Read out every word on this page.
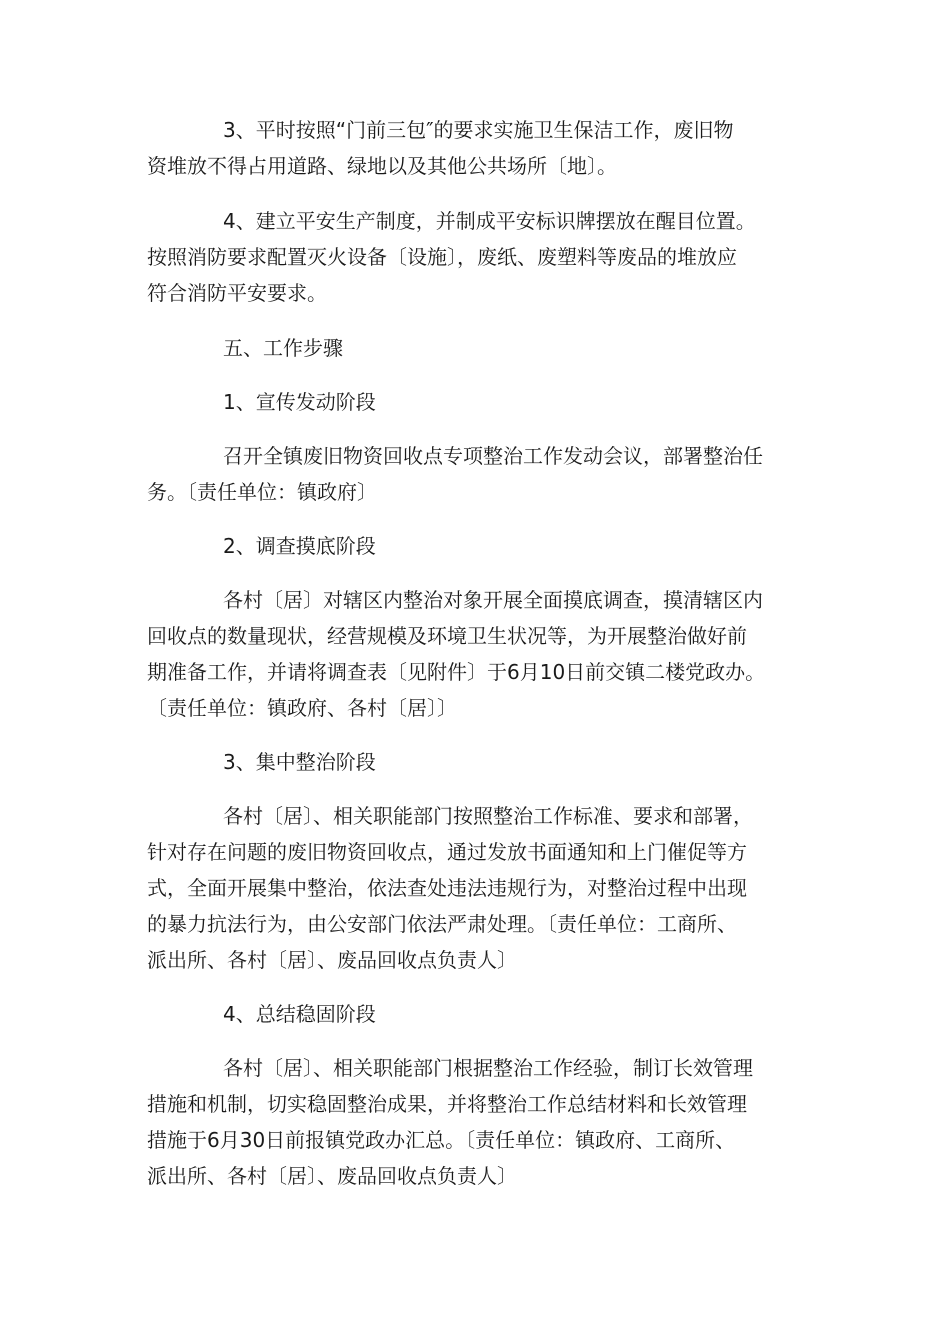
3、平时按照“门前三包″的要求实施卫生保洁工作，废旧物
资堆放不得占用道路、绿地以及其他公共场所〔地〕。

4、建立平安生产制度，并制成平安标识牌摆放在醒目位置。
按照消防要求配置灭火设备〔设施〕，废纸、废塑料等废品的堆放应
符合消防平安要求。

五、工作步骤

1、宣传发动阶段

召开全镇废旧物资回收点专项整治工作发动会议，部署整治任
务。〔责任单位：镇政府〕

2、调查摸底阶段

各村〔居〕对辖区内整治对象开展全面摸底调查，摸清辖区内
回收点的数量现状，经营规模及环境卫生状况等，为开展整治做好前
期准备工作，并请将调查表〔见附件〕于6月10日前交镇二楼党政办。
〔责任单位：镇政府、各村〔居〕〕

3、集中整治阶段

各村〔居〕、相关职能部门按照整治工作标准、要求和部署，
针对存在问题的废旧物资回收点，通过发放书面通知和上门催促等方
式，全面开展集中整治，依法查处违法违规行为，对整治过程中出现
的暴力抗法行为，由公安部门依法严肃处理。〔责任单位：工商所、
派出所、各村〔居〕、废品回收点负责人〕

4、总结稳固阶段

各村〔居〕、相关职能部门根据整治工作经验，制订长效管理
措施和机制，切实稳固整治成果，并将整治工作总结材料和长效管理
措施于6月30日前报镇党政办汇总。〔责任单位：镇政府、工商所、
派出所、各村〔居〕、废品回收点负责人〕
